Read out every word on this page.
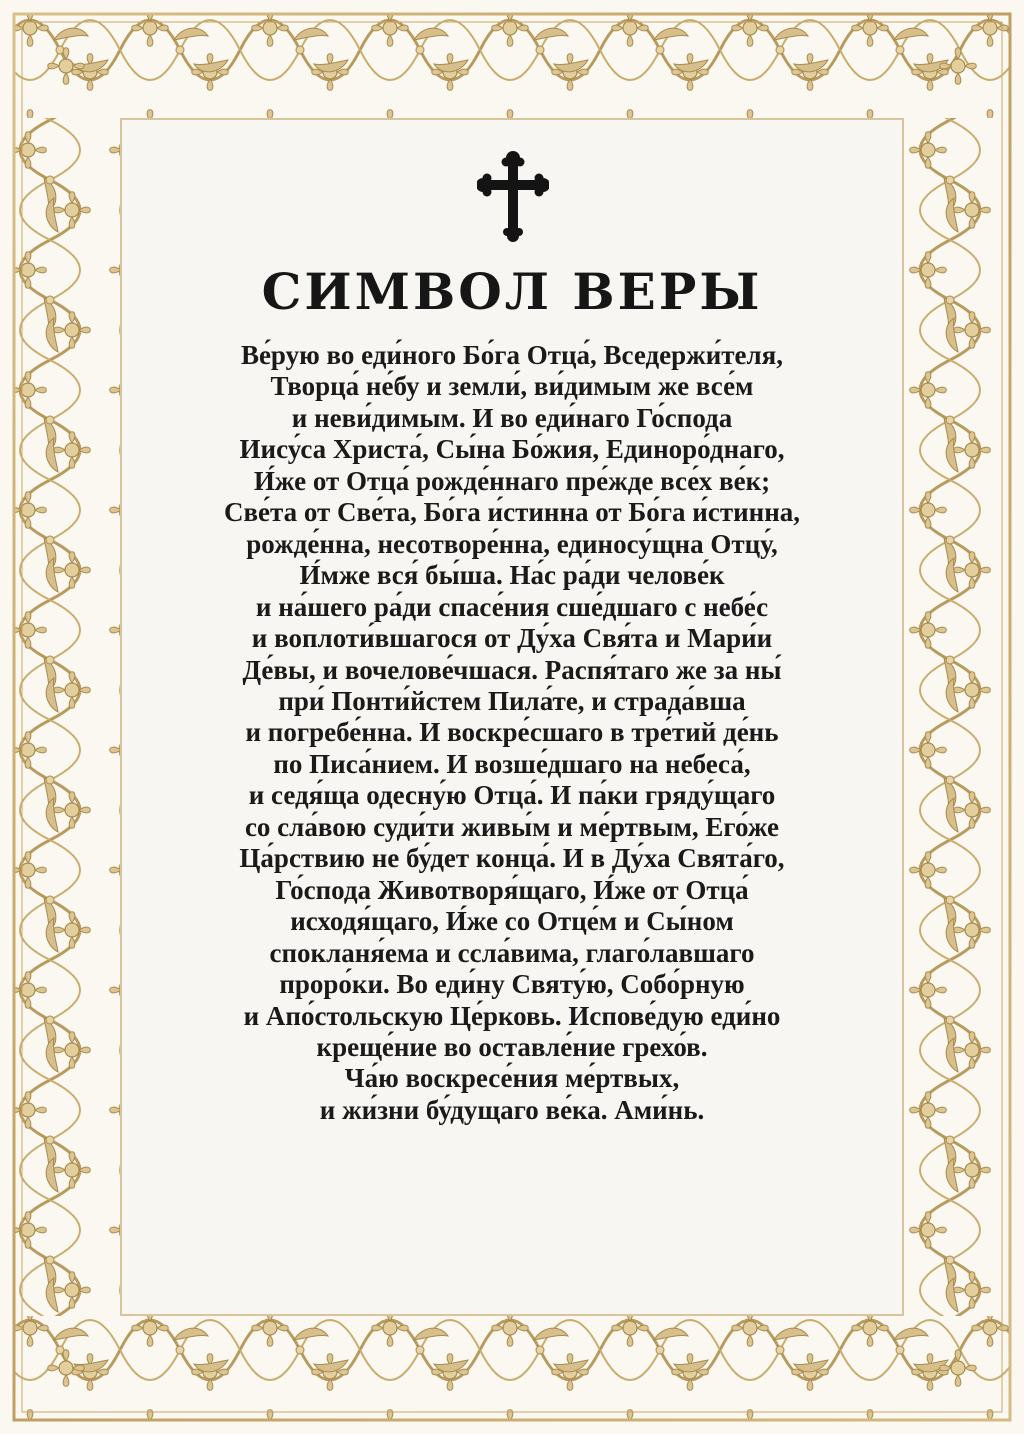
СИМВОЛ ВЕРЫ
Ве́рую во еди́ного Бо́га Отца́, Вседержи́теля,
Творца́ не́бу и земли́, ви́димым же все́м
и неви́димым. И во еди́наго Го́спода
Иису́са Христа́, Сы́на Бо́жия, Единоро́днаго,
И́же от Отца́ рожде́ннаго пре́жде все́х ве́к;
Све́та от Све́та, Бо́га и́стинна от Бо́га и́стинна,
рожде́нна, несотворе́нна, единосу́щна Отцу́,
И́мже вся́ бы́ша. На́с ра́ди челове́к
и на́шего ра́ди спасе́ния сше́дшаго с небе́с
и воплоти́вшагося от Ду́ха Свя́та и Мари́и
Де́вы, и вочелове́чшася. Распя́таго же за ны́
при́ Понти́йстем Пила́те, и страда́вша
и погребе́нна. И воскре́сшаго в тре́тий де́нь
по Писа́нием. И возше́дшаго на небеса́,
и седя́ща одесну́ю Отца́. И па́ки гряду́щаго
со сла́вою суди́ти живы́м и ме́ртвым, Его́же
Ца́рствию не бу́дет конца́. И в Ду́ха Свята́го,
Го́спода Животворя́щаго, И́же от Отца́
исходя́щаго, И́же со Отце́м и Сы́ном
спокланя́ема и ссла́вима, глаго́лавшаго
проро́ки. Во еди́ну Святу́ю, Собо́рную
и Апо́стольскую Це́рковь. Испове́дую еди́но
креще́ние во оставле́ние грехо́в.
Ча́ю воскресе́ния ме́ртвых,
и жи́зни бу́дущаго ве́ка. Ами́нь.
